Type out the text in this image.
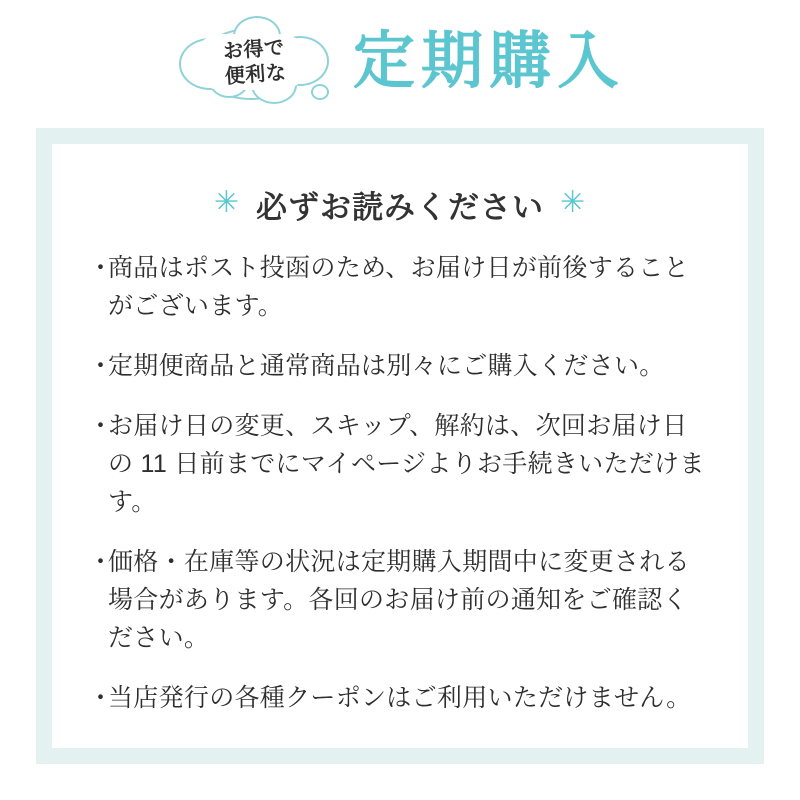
お得で
便利な 定期購入
✳ 必ずお読みください ✳
・
商品はポスト投函のため、お届け日が前後することがございます。
・
定期便商品と通常商品は別々にご購入ください。
・
お届け日の変更、スキップ、解約は、次回お届け日の 11 日前までにマイページよりお手続きいただけます。
・
価格・在庫等の状況は定期購入期間中に変更される場合があります。各回のお届け前の通知をご確認ください。
・
当店発行の各種クーポンはご利用いただけません。
